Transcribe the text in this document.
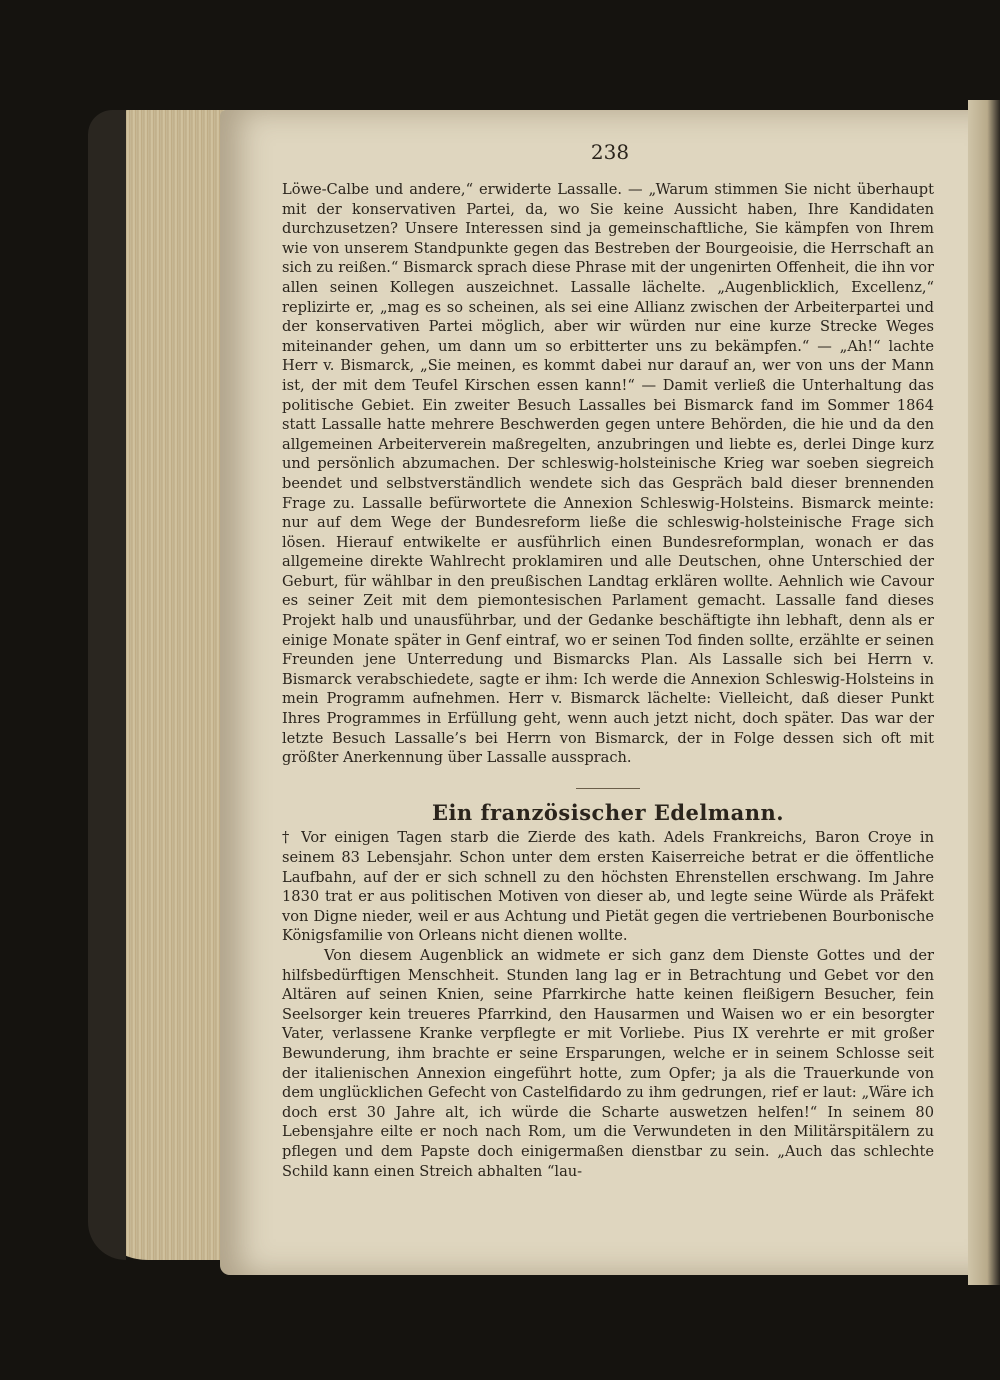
238

Löwe-Calbe und andere,“ erwiderte Lassalle. — „Warum stimmen Sie nicht überhaupt mit der konservativen Partei, da, wo Sie keine Aussicht haben, Ihre Kandidaten durchzusetzen? Unsere Interessen sind ja gemeinschaftliche, Sie kämpfen von Ihrem wie von unserem Standpunkte gegen das Bestreben der Bourgeoisie, die Herrschaft an sich zu reißen.“ Bismarck sprach diese Phrase mit der ungenirten Offenheit, die ihn vor allen seinen Kollegen auszeichnet. Lassalle lächelte. „Augenblicklich, Excellenz,“ replizirte er, „mag es so scheinen, als sei eine Allianz zwischen der Arbeiterpartei und der konservativen Partei möglich, aber wir würden nur eine kurze Strecke Weges miteinander gehen, um dann um so erbitterter uns zu bekämpfen.“ — „Ah!“ lachte Herr v. Bismarck, „Sie meinen, es kommt dabei nur darauf an, wer von uns der Mann ist, der mit dem Teufel Kirschen essen kann!“ — Damit verließ die Unterhaltung das politische Gebiet. Ein zweiter Besuch Lassalles bei Bismarck fand im Sommer 1864 statt Lassalle hatte mehrere Beschwerden gegen untere Behörden, die hie und da den allgemeinen Arbeiterverein maßregelten, anzubringen und liebte es, derlei Dinge kurz und persönlich abzumachen. Der schleswig-holsteinische Krieg war soeben siegreich beendet und selbstverständlich wendete sich das Gespräch bald dieser brennenden Frage zu. Lassalle befürwortete die Annexion Schleswig-Holsteins. Bismarck meinte: nur auf dem Wege der Bundesreform ließe die schleswig-holsteinische Frage sich lösen. Hierauf entwikelte er ausführlich einen Bundesreformplan, wonach er das allgemeine direkte Wahlrecht proklamiren und alle Deutschen, ohne Unterschied der Geburt, für wählbar in den preußischen Landtag erklären wollte. Aehnlich wie Cavour es seiner Zeit mit dem piemontesischen Parlament gemacht. Lassalle fand dieses Projekt halb und unausführbar, und der Gedanke beschäftigte ihn lebhaft, denn als er einige Monate später in Genf eintraf, wo er seinen Tod finden sollte, erzählte er seinen Freunden jene Unterredung und Bismarcks Plan. Als Lassalle sich bei Herrn v. Bismarck verabschiedete, sagte er ihm: Ich werde die Annexion Schleswig-Holsteins in mein Programm aufnehmen. Herr v. Bismarck lächelte: Vielleicht, daß dieser Punkt Ihres Programmes in Erfüllung geht, wenn auch jetzt nicht, doch später. Das war der letzte Besuch Lassalle’s bei Herrn von Bismarck, der in Folge dessen sich oft mit größter Anerkennung über Lassalle aussprach.

Ein französischer Edelmann.

† Vor einigen Tagen starb die Zierde des kath. Adels Frankreichs, Baron Croye in seinem 83 Lebensjahr. Schon unter dem ersten Kaiserreiche betrat er die öffentliche Laufbahn, auf der er sich schnell zu den höchsten Ehrenstellen erschwang. Im Jahre 1830 trat er aus politischen Motiven von dieser ab, und legte seine Würde als Präfekt von Digne nieder, weil er aus Achtung und Pietät gegen die vertriebenen Bourbonische Königsfamilie von Orleans nicht dienen wollte.

Von diesem Augenblick an widmete er sich ganz dem Dienste Gottes und der hilfsbedürftigen Menschheit. Stunden lang lag er in Betrachtung und Gebet vor den Altären auf seinen Knien, seine Pfarrkirche hatte keinen fleißigern Besucher, fein Seelsorger kein treueres Pfarrkind, den Hausarmen und Waisen wo er ein besorgter Vater, verlassene Kranke verpflegte er mit Vorliebe. Pius IX verehrte er mit großer Bewunderung, ihm brachte er seine Ersparungen, welche er in seinem Schlosse seit der italienischen Annexion eingeführt hotte, zum Opfer; ja als die Trauerkunde von dem unglücklichen Gefecht von Castelfidardo zu ihm gedrungen, rief er laut: „Wäre ich doch erst 30 Jahre alt, ich würde die Scharte auswetzen helfen!“ In seinem 80 Lebensjahre eilte er noch nach Rom, um die Verwundeten in den Militärspitälern zu pflegen und dem Papste doch einigermaßen dienstbar zu sein. „Auch das schlechte Schild kann einen Streich abhalten “lau-
